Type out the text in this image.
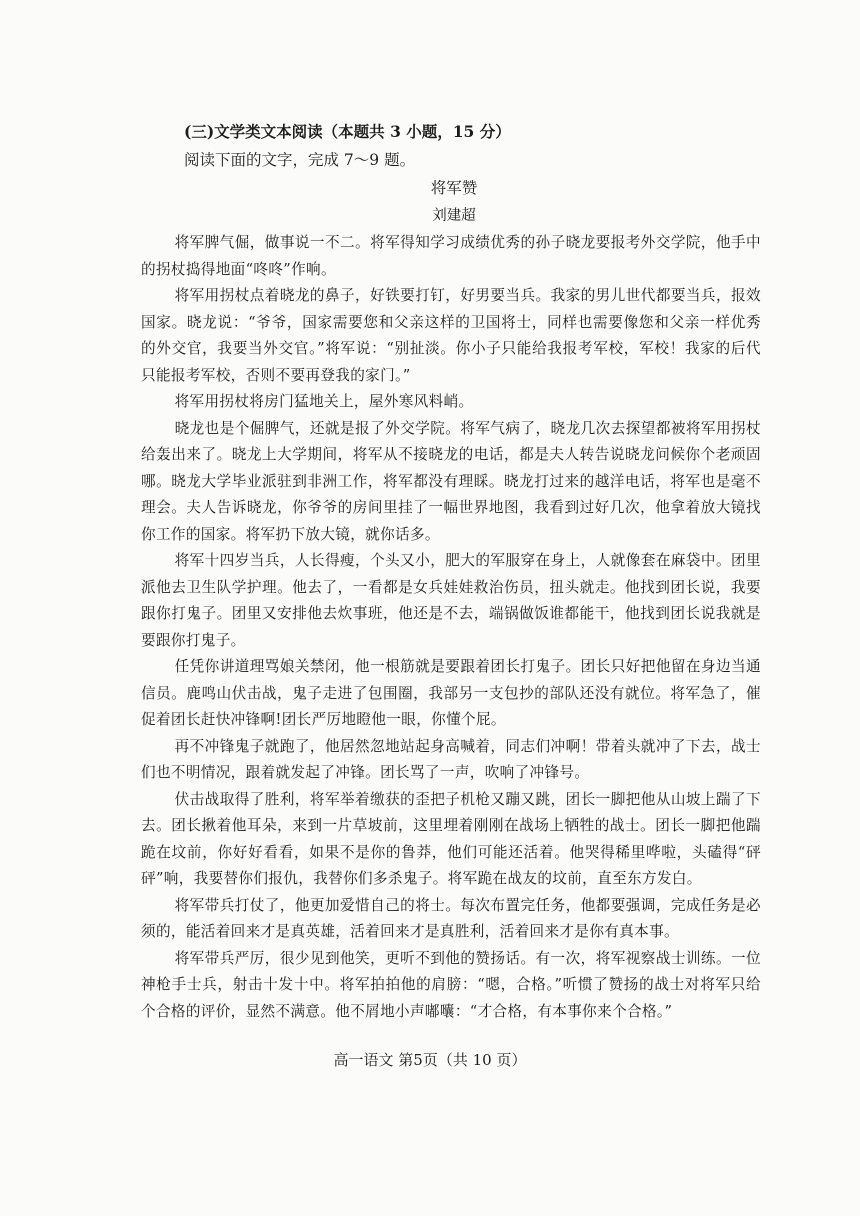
(三)文学类文本阅读（本题共 3 小题，15 分）
阅读下面的文字，完成 7～9 题。
将军赞
刘建超

将军脾气倔，做事说一不二。将军得知学习成绩优秀的孙子晓龙要报考外交学院，他手中的拐杖捣得地面“咚咚”作响。

将军用拐杖点着晓龙的鼻子，好铁要打钉，好男要当兵。我家的男儿世代都要当兵，报效国家。晓龙说：“爷爷，国家需要您和父亲这样的卫国将士，同样也需要像您和父亲一样优秀的外交官，我要当外交官。”将军说：“别扯淡。你小子只能给我报考军校，军校！我家的后代只能报考军校，否则不要再登我的家门。”

将军用拐杖将房门猛地关上，屋外寒风料峭。

晓龙也是个倔脾气，还就是报了外交学院。将军气病了，晓龙几次去探望都被将军用拐杖给轰出来了。晓龙上大学期间，将军从不接晓龙的电话，都是夫人转告说晓龙问候你个老顽固哪。晓龙大学毕业派驻到非洲工作，将军都没有理睬。晓龙打过来的越洋电话，将军也是毫不理会。夫人告诉晓龙，你爷爷的房间里挂了一幅世界地图，我看到过好几次，他拿着放大镜找你工作的国家。将军扔下放大镜，就你话多。

将军十四岁当兵，人长得瘦，个头又小，肥大的军服穿在身上，人就像套在麻袋中。团里派他去卫生队学护理。他去了，一看都是女兵娃娃救治伤员，扭头就走。他找到团长说，我要跟你打鬼子。团里又安排他去炊事班，他还是不去，端锅做饭谁都能干，他找到团长说我就是要跟你打鬼子。

任凭你讲道理骂娘关禁闭，他一根筋就是要跟着团长打鬼子。团长只好把他留在身边当通信员。鹿鸣山伏击战，鬼子走进了包围圈，我部另一支包抄的部队还没有就位。将军急了，催促着团长赶快冲锋啊!团长严厉地瞪他一眼，你懂个屁。

再不冲锋鬼子就跑了，他居然忽地站起身高喊着，同志们冲啊！带着头就冲了下去，战士们也不明情况，跟着就发起了冲锋。团长骂了一声，吹响了冲锋号。

伏击战取得了胜利，将军举着缴获的歪把子机枪又蹦又跳，团长一脚把他从山坡上踹了下去。团长揪着他耳朵，来到一片草坡前，这里埋着刚刚在战场上牺牲的战士。团长一脚把他踹跪在坟前，你好好看看，如果不是你的鲁莽，他们可能还活着。他哭得稀里哗啦，头磕得“砰砰”响，我要替你们报仇，我替你们多杀鬼子。将军跪在战友的坟前，直至东方发白。

将军带兵打仗了，他更加爱惜自己的将士。每次布置完任务，他都要强调，完成任务是必须的，能活着回来才是真英雄，活着回来才是真胜利，活着回来才是你有真本事。

将军带兵严厉，很少见到他笑，更听不到他的赞扬话。有一次，将军视察战士训练。一位神枪手士兵，射击十发十中。将军拍拍他的肩膀：“嗯，合格。”听惯了赞扬的战士对将军只给个合格的评价，显然不满意。他不屑地小声嘟囔：“才合格，有本事你来个合格。”

高一语文 第5页（共 10 页）
